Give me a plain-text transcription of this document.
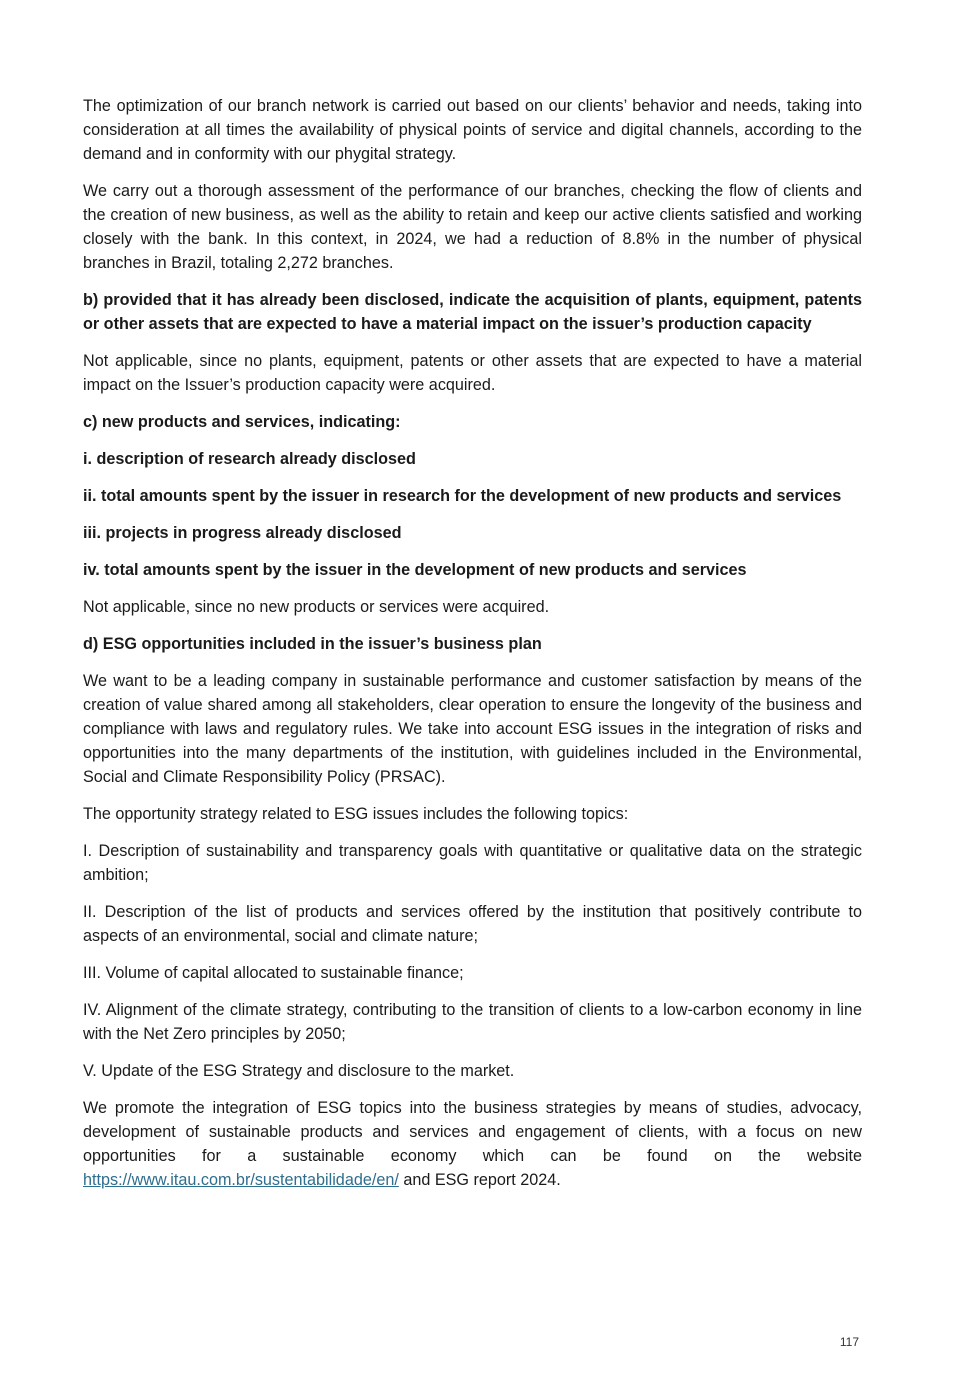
The optimization of our branch network is carried out based on our clients’ behavior and needs, taking into consideration at all times the availability of physical points of service and digital channels, according to the demand and in conformity with our phygital strategy.

We carry out a thorough assessment of the performance of our branches, checking the flow of clients and the creation of new business, as well as the ability to retain and keep our active clients satisfied and working closely with the bank. In this context, in 2024, we had a reduction of 8.8% in the number of physical branches in Brazil, totaling 2,272 branches.

b) provided that it has already been disclosed, indicate the acquisition of plants, equipment, patents or other assets that are expected to have a material impact on the issuer’s production capacity

Not applicable, since no plants, equipment, patents or other assets that are expected to have a material impact on the Issuer’s production capacity were acquired.

c) new products and services, indicating:

i. description of research already disclosed

ii. total amounts spent by the issuer in research for the development of new products and services

iii. projects in progress already disclosed

iv. total amounts spent by the issuer in the development of new products and services

Not applicable, since no new products or services were acquired.

d) ESG opportunities included in the issuer’s business plan

We want to be a leading company in sustainable performance and customer satisfaction by means of the creation of value shared among all stakeholders, clear operation to ensure the longevity of the business and compliance with laws and regulatory rules. We take into account ESG issues in the integration of risks and opportunities into the many departments of the institution, with guidelines included in the Environmental, Social and Climate Responsibility Policy (PRSAC).

The opportunity strategy related to ESG issues includes the following topics:

I. Description of sustainability and transparency goals with quantitative or qualitative data on the strategic ambition;

II. Description of the list of products and services offered by the institution that positively contribute to aspects of an environmental, social and climate nature;

III. Volume of capital allocated to sustainable finance;

IV. Alignment of the climate strategy, contributing to the transition of clients to a low-carbon economy in line with the Net Zero principles by 2050;

V. Update of the ESG Strategy and disclosure to the market.

We promote the integration of ESG topics into the business strategies by means of studies, advocacy, development of sustainable products and services and engagement of clients, with a focus on new opportunities for a sustainable economy which can be found on the website https://www.itau.com.br/sustentabilidade/en/ and ESG report 2024.

117
